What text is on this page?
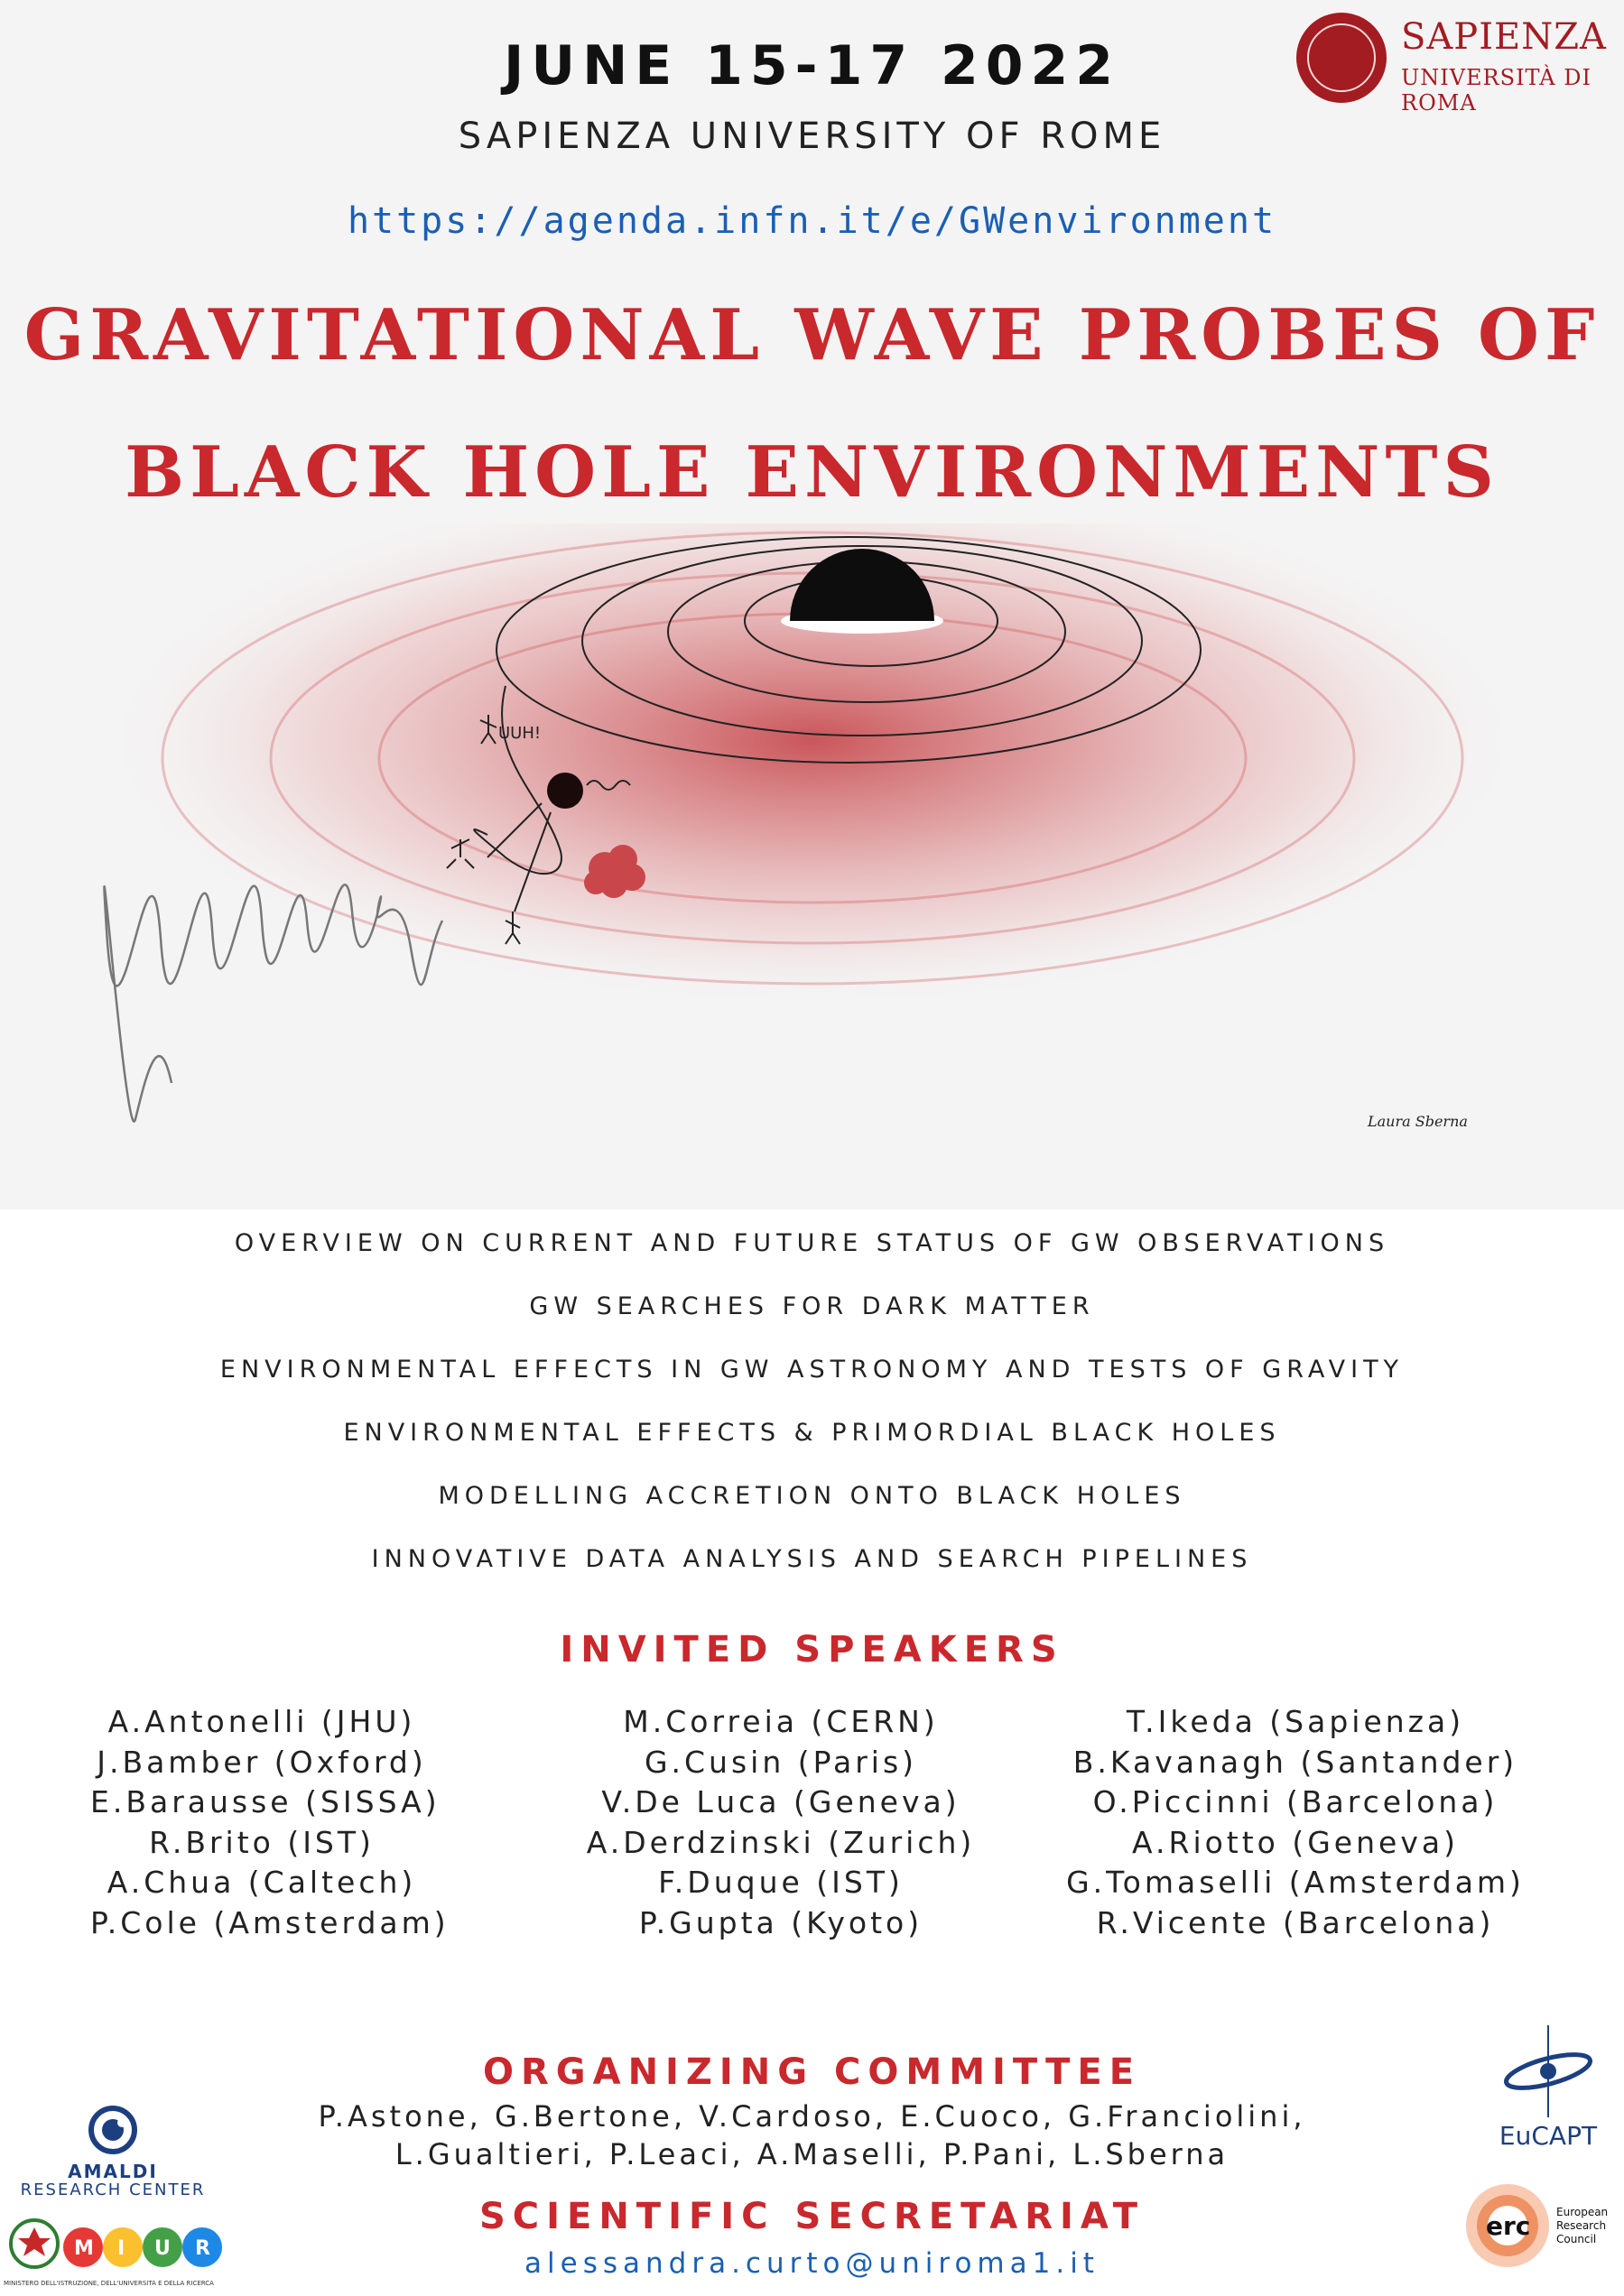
JUNE 15-17 2022
SAPIENZA UNIVERSITY OF ROME
https://agenda.infn.it/e/GWenvironment
SAPIENZA
UNIVERSITÀ DI ROMA
GRAVITATIONAL WAVE PROBES OF
BLACK HOLE ENVIRONMENTS
UUH!
Laura Sberna
OVERVIEW ON CURRENT AND FUTURE STATUS OF GW OBSERVATIONS
GW SEARCHES FOR DARK MATTER
ENVIRONMENTAL EFFECTS IN GW ASTRONOMY AND TESTS OF GRAVITY
ENVIRONMENTAL EFFECTS & PRIMORDIAL BLACK HOLES
MODELLING ACCRETION ONTO BLACK HOLES
INNOVATIVE DATA ANALYSIS AND SEARCH PIPELINES
INVITED SPEAKERS
A.Antonelli (JHU)
J.Bamber (Oxford)
E.Barausse (SISSA)
R.Brito (IST)
A.Chua (Caltech)
P.Cole (Amsterdam)
M.Correia (CERN)
G.Cusin (Paris)
V.De Luca (Geneva)
A.Derdzinski (Zurich)
F.Duque (IST)
P.Gupta (Kyoto)
T.Ikeda (Sapienza)
B.Kavanagh (Santander)
O.Piccinni (Barcelona)
A.Riotto (Geneva)
G.Tomaselli (Amsterdam)
R.Vicente (Barcelona)
ORGANIZING COMMITTEE
P.Astone, G.Bertone, V.Cardoso, E.Cuoco, G.Franciolini,
L.Gualtieri, P.Leaci, A.Maselli, P.Pani, L.Sberna
SCIENTIFIC SECRETARIAT
alessandra.curto@uniroma1.it
AMALDI
RESEARCH CENTER
M I U R
MINISTERO DELL'ISTRUZIONE, DELL'UNIVERSITÀ E DELLA RICERCA
EuCAPT
erc European
Research
Council
